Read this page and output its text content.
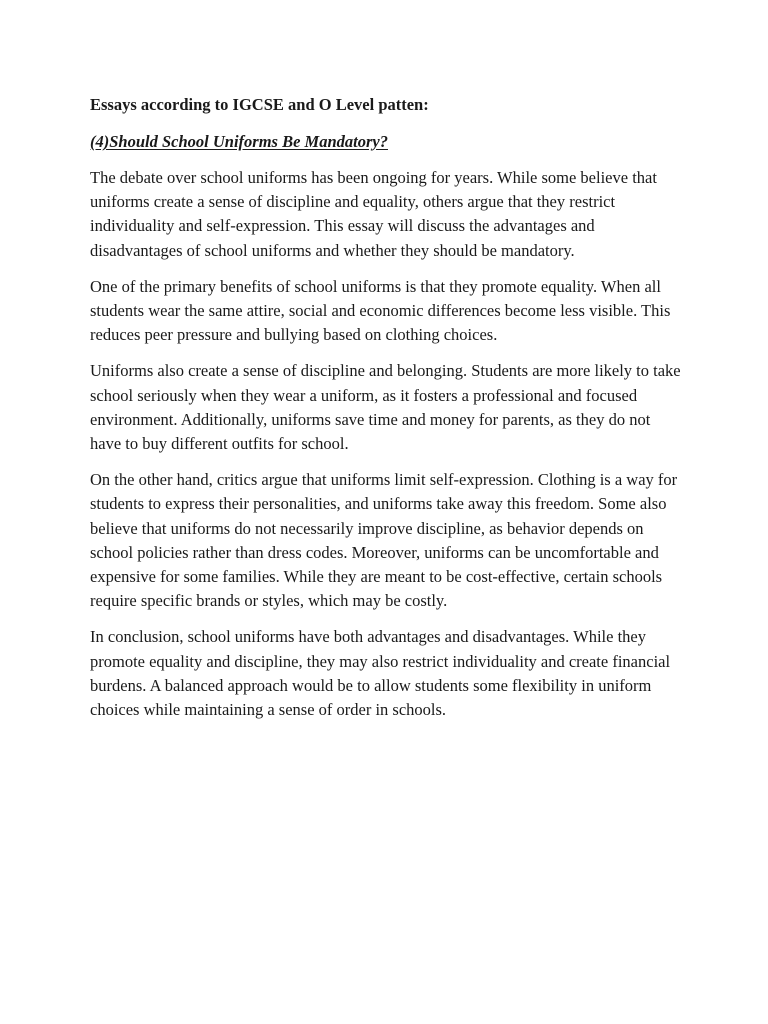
Essays according to IGCSE and O Level patten:

(4)Should School Uniforms Be Mandatory?

The debate over school uniforms has been ongoing for years. While some believe that uniforms create a sense of discipline and equality, others argue that they restrict individuality and self-expression. This essay will discuss the advantages and disadvantages of school uniforms and whether they should be mandatory.

One of the primary benefits of school uniforms is that they promote equality. When all students wear the same attire, social and economic differences become less visible. This reduces peer pressure and bullying based on clothing choices.

Uniforms also create a sense of discipline and belonging. Students are more likely to take school seriously when they wear a uniform, as it fosters a professional and focused environment. Additionally, uniforms save time and money for parents, as they do not have to buy different outfits for school.

On the other hand, critics argue that uniforms limit self-expression. Clothing is a way for students to express their personalities, and uniforms take away this freedom. Some also believe that uniforms do not necessarily improve discipline, as behavior depends on school policies rather than dress codes. Moreover, uniforms can be uncomfortable and expensive for some families. While they are meant to be cost-effective, certain schools require specific brands or styles, which may be costly.

In conclusion, school uniforms have both advantages and disadvantages. While they promote equality and discipline, they may also restrict individuality and create financial burdens. A balanced approach would be to allow students some flexibility in uniform choices while maintaining a sense of order in schools.
